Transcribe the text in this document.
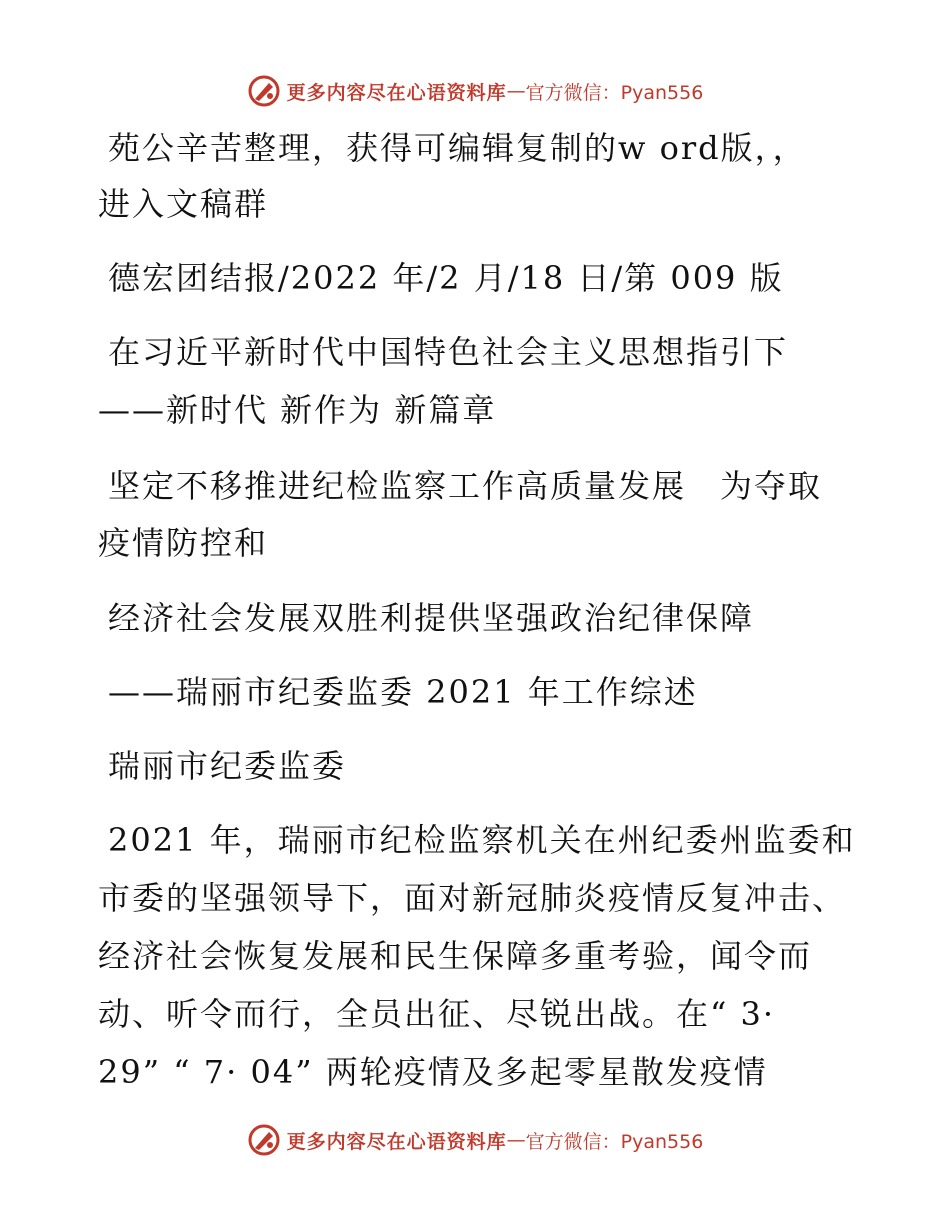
更多内容尽在心语资料库 — 官方微信：Pyan556
苑公辛苦整理，获得可编辑复制的w ord版，，
进入文稿群
德宏团结报/2022 年/2 月/18 日/第 009 版
在习近平新时代中国特色社会主义思想指引下
——新时代 新作为 新篇章
坚定不移推进纪检监察工作高质量发展　为夺取
疫情防控和
经济社会发展双胜利提供坚强政治纪律保障
——瑞丽市纪委监委 2021 年工作综述
瑞丽市纪委监委
2021 年，瑞丽市纪检监察机关在州纪委州监委和
市委的坚强领导下，面对新冠肺炎疫情反复冲击、
经济社会恢复发展和民生保障多重考验，闻令而
动、听令而行，全员出征、尽锐出战。在“ 3·
29” “ 7· 04” 两轮疫情及多起零星散发疫情
更多内容尽在心语资料库 — 官方微信：Pyan556
